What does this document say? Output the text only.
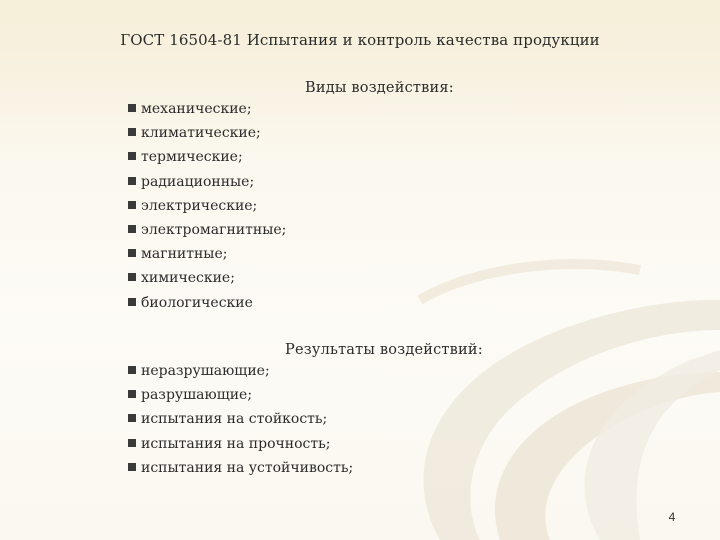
ГОСТ 16504-81 Испытания и контроль качества продукции
Виды воздействия:
механические;
климатические;
термические;
радиационные;
электрические;
электромагнитные;
магнитные;
химические;
биологические
Результаты воздействий:
неразрушающие;
разрушающие;
испытания на стойкость;
испытания на прочность;
испытания на устойчивость;
4
